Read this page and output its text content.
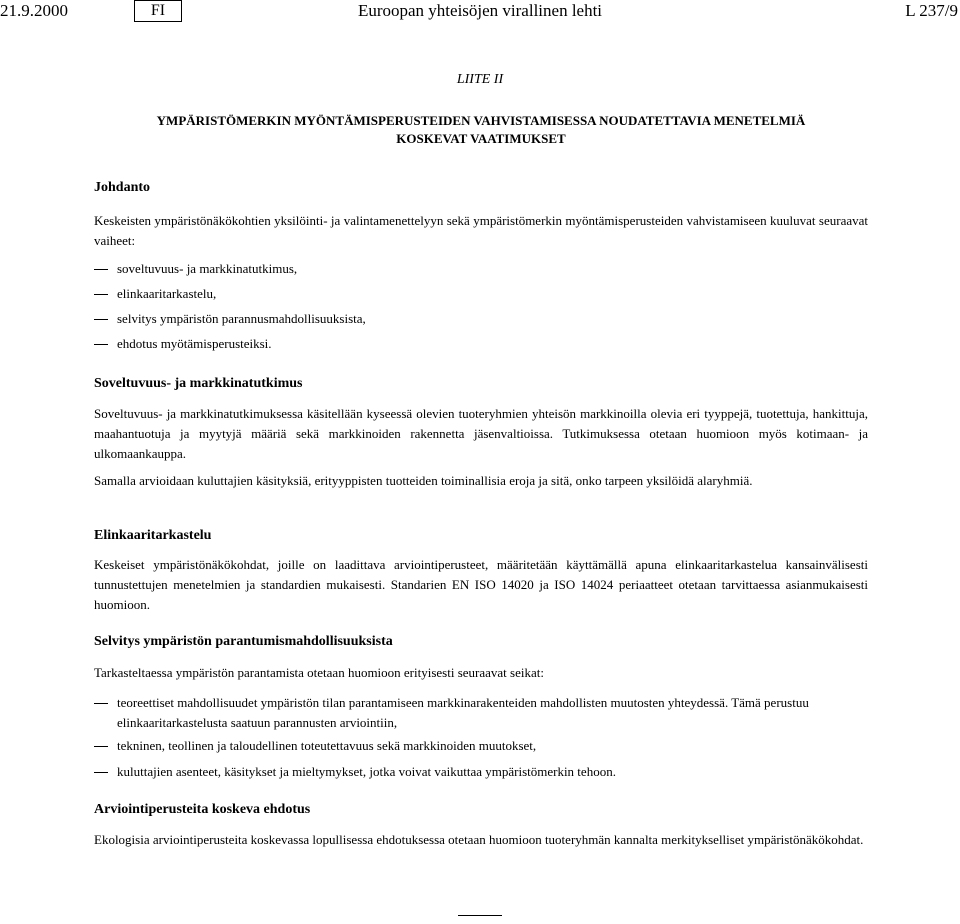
21.9.2000	FI	Euroopan yhteisöjen virallinen lehti	L 237/9
LIITE II
YMPÄRISTÖMERKIN MYÖNTÄMISPERUSTEIDEN VAHVISTAMISESSA NOUDATETTAVIA MENETELMIÄ
KOSKEVAT VAATIMUKSET
Johdanto
Keskeisten ympäristönäkökohtien yksilöinti- ja valintamenettelyyn sekä ympäristömerkin myöntämisperusteiden vahvistamiseen kuuluvat seuraavat vaiheet:
soveltuvuus- ja markkinatutkimus,
elinkaaritarkastelu,
selvitys ympäristön parannusmahdollisuuksista,
ehdotus myötämisperusteiksi.
Soveltuvuus- ja markkinatutkimus
Soveltuvuus- ja markkinatutkimuksessa käsitellään kyseessä olevien tuoteryhmien yhteisön markkinoilla olevia eri tyyppejä, tuotettuja, hankittuja, maahantuotuja ja myytyjä määriä sekä markkinoiden rakennetta jäsenvaltioissa. Tutkimuksessa otetaan huomioon myös kotimaan- ja ulkomaankauppa.
Samalla arvioidaan kuluttajien käsityksiä, erityyppisten tuotteiden toiminallisia eroja ja sitä, onko tarpeen yksilöidä alaryhmiä.
Elinkaaritarkastelu
Keskeiset ympäristönäkökohdat, joille on laadittava arviointiperusteet, määritetään käyttämällä apuna elinkaaritarkastelua kansainvälisesti tunnustettujen menetelmien ja standardien mukaisesti. Standarien EN ISO 14020 ja ISO 14024 periaatteet otetaan tarvittaessa asianmukaisesti huomioon.
Selvitys ympäristön parantumismahdollisuuksista
Tarkasteltaessa ympäristön parantamista otetaan huomioon erityisesti seuraavat seikat:
teoreettiset mahdollisuudet ympäristön tilan parantamiseen markkinarakenteiden mahdollisten muutosten yhteydessä. Tämä perustuu elinkaaritarkastelusta saatuun parannusten arviointiin,
tekninen, teollinen ja taloudellinen toteutettavuus sekä markkinoiden muutokset,
kuluttajien asenteet, käsitykset ja mieltymykset, jotka voivat vaikuttaa ympäristömerkin tehoon.
Arviointiperusteita koskeva ehdotus
Ekologisia arviointiperusteita koskevassa lopullisessa ehdotuksessa otetaan huomioon tuoteryhmän kannalta merkitykselliset ympäristönäkökohdat.
